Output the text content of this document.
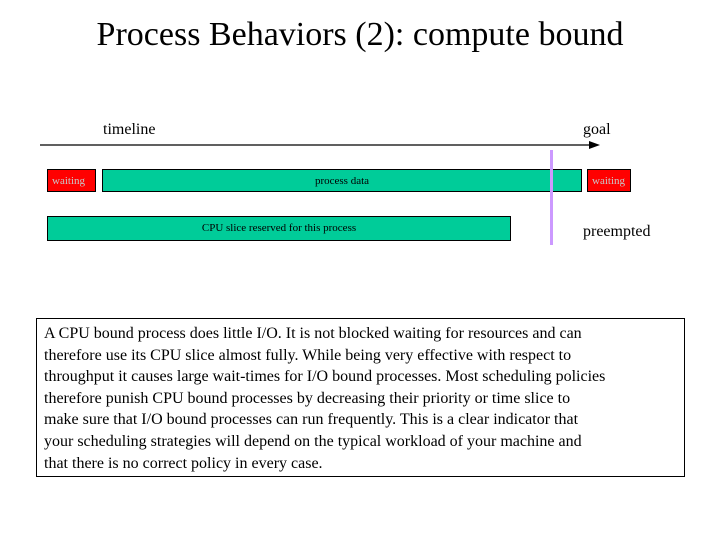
Process Behaviors (2): compute bound
timeline	goal
waiting	process data	waiting
CPU slice reserved for this process	preempted
A CPU bound process does little I/O. It is not blocked waiting for resources and can
therefore use its CPU slice almost fully. While being very effective with respect to
throughput it causes large wait-times for I/O bound processes. Most scheduling policies
therefore punish CPU bound processes by decreasing their priority or time slice to
make sure that I/O bound processes can run frequently. This is a clear indicator that
your scheduling strategies will depend on the typical workload of your machine and
that there is no correct policy in every case.
